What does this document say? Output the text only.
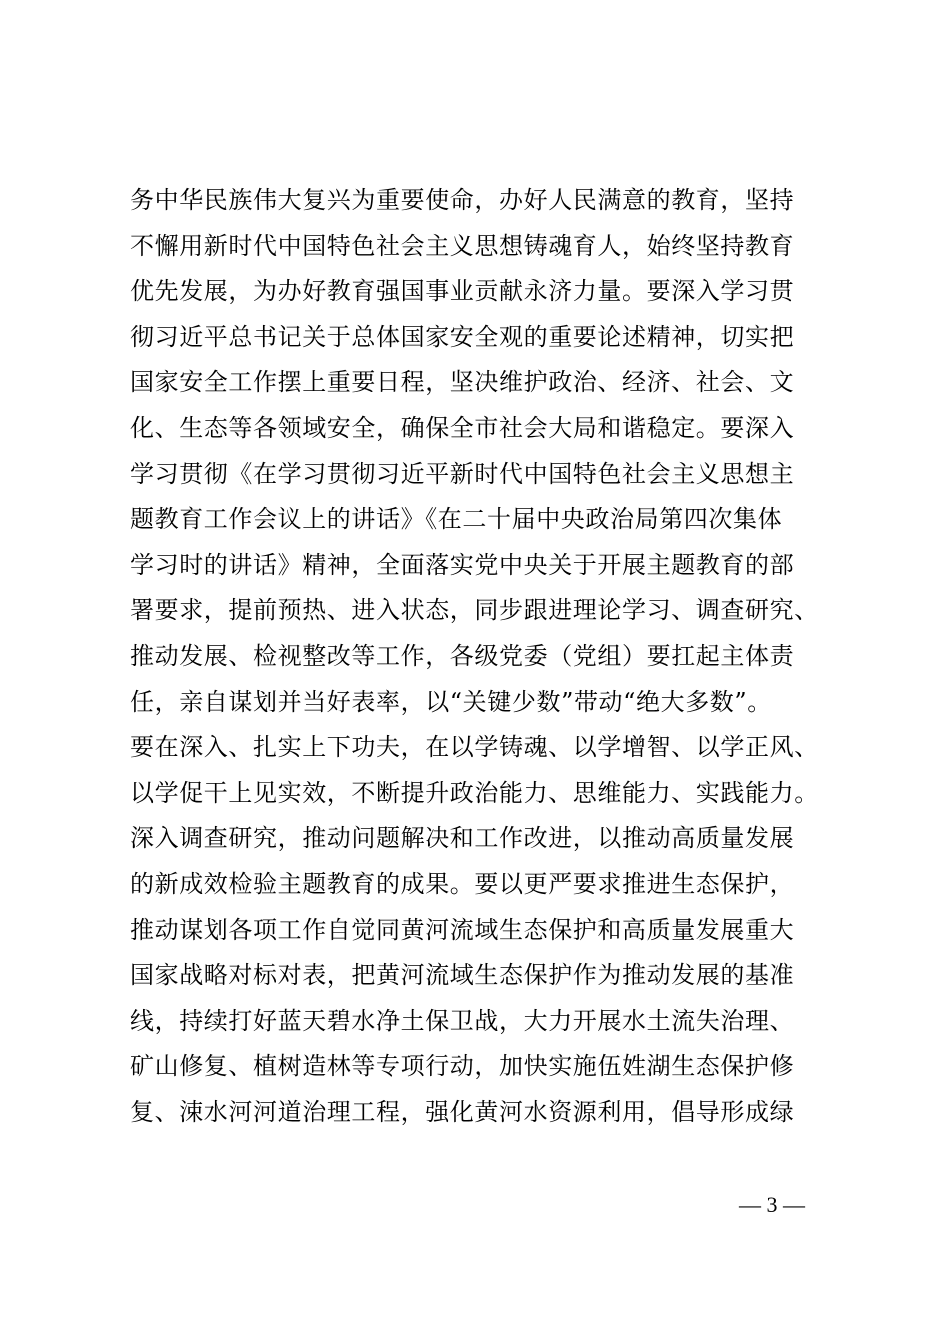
务中华民族伟大复兴为重要使命，办好人民满意的教育，坚持
不懈用新时代中国特色社会主义思想铸魂育人，始终坚持教育
优先发展，为办好教育强国事业贡献永济力量。要深入学习贯
彻习近平总书记关于总体国家安全观的重要论述精神，切实把
国家安全工作摆上重要日程，坚决维护政治、经济、社会、文
化、生态等各领域安全，确保全市社会大局和谐稳定。要深入
学习贯彻《在学习贯彻习近平新时代中国特色社会主义思想主
题教育工作会议上的讲话》《在二十届中央政治局第四次集体
学习时的讲话》精神，全面落实党中央关于开展主题教育的部
署要求，提前预热、进入状态，同步跟进理论学习、调查研究、
推动发展、检视整改等工作，各级党委（党组）要扛起主体责
任，亲自谋划并当好表率，以“关键少数”带动“绝大多数”。
要在深入、扎实上下功夫，在以学铸魂、以学增智、以学正风、
以学促干上见实效，不断提升政治能力、思维能力、实践能力。
深入调查研究，推动问题解决和工作改进，以推动高质量发展
的新成效检验主题教育的成果。要以更严要求推进生态保护，
推动谋划各项工作自觉同黄河流域生态保护和高质量发展重大
国家战略对标对表，把黄河流域生态保护作为推动发展的基准
线，持续打好蓝天碧水净土保卫战，大力开展水土流失治理、
矿山修复、植树造林等专项行动，加快实施伍姓湖生态保护修
复、涑水河河道治理工程，强化黄河水资源利用，倡导形成绿
— 3 —
